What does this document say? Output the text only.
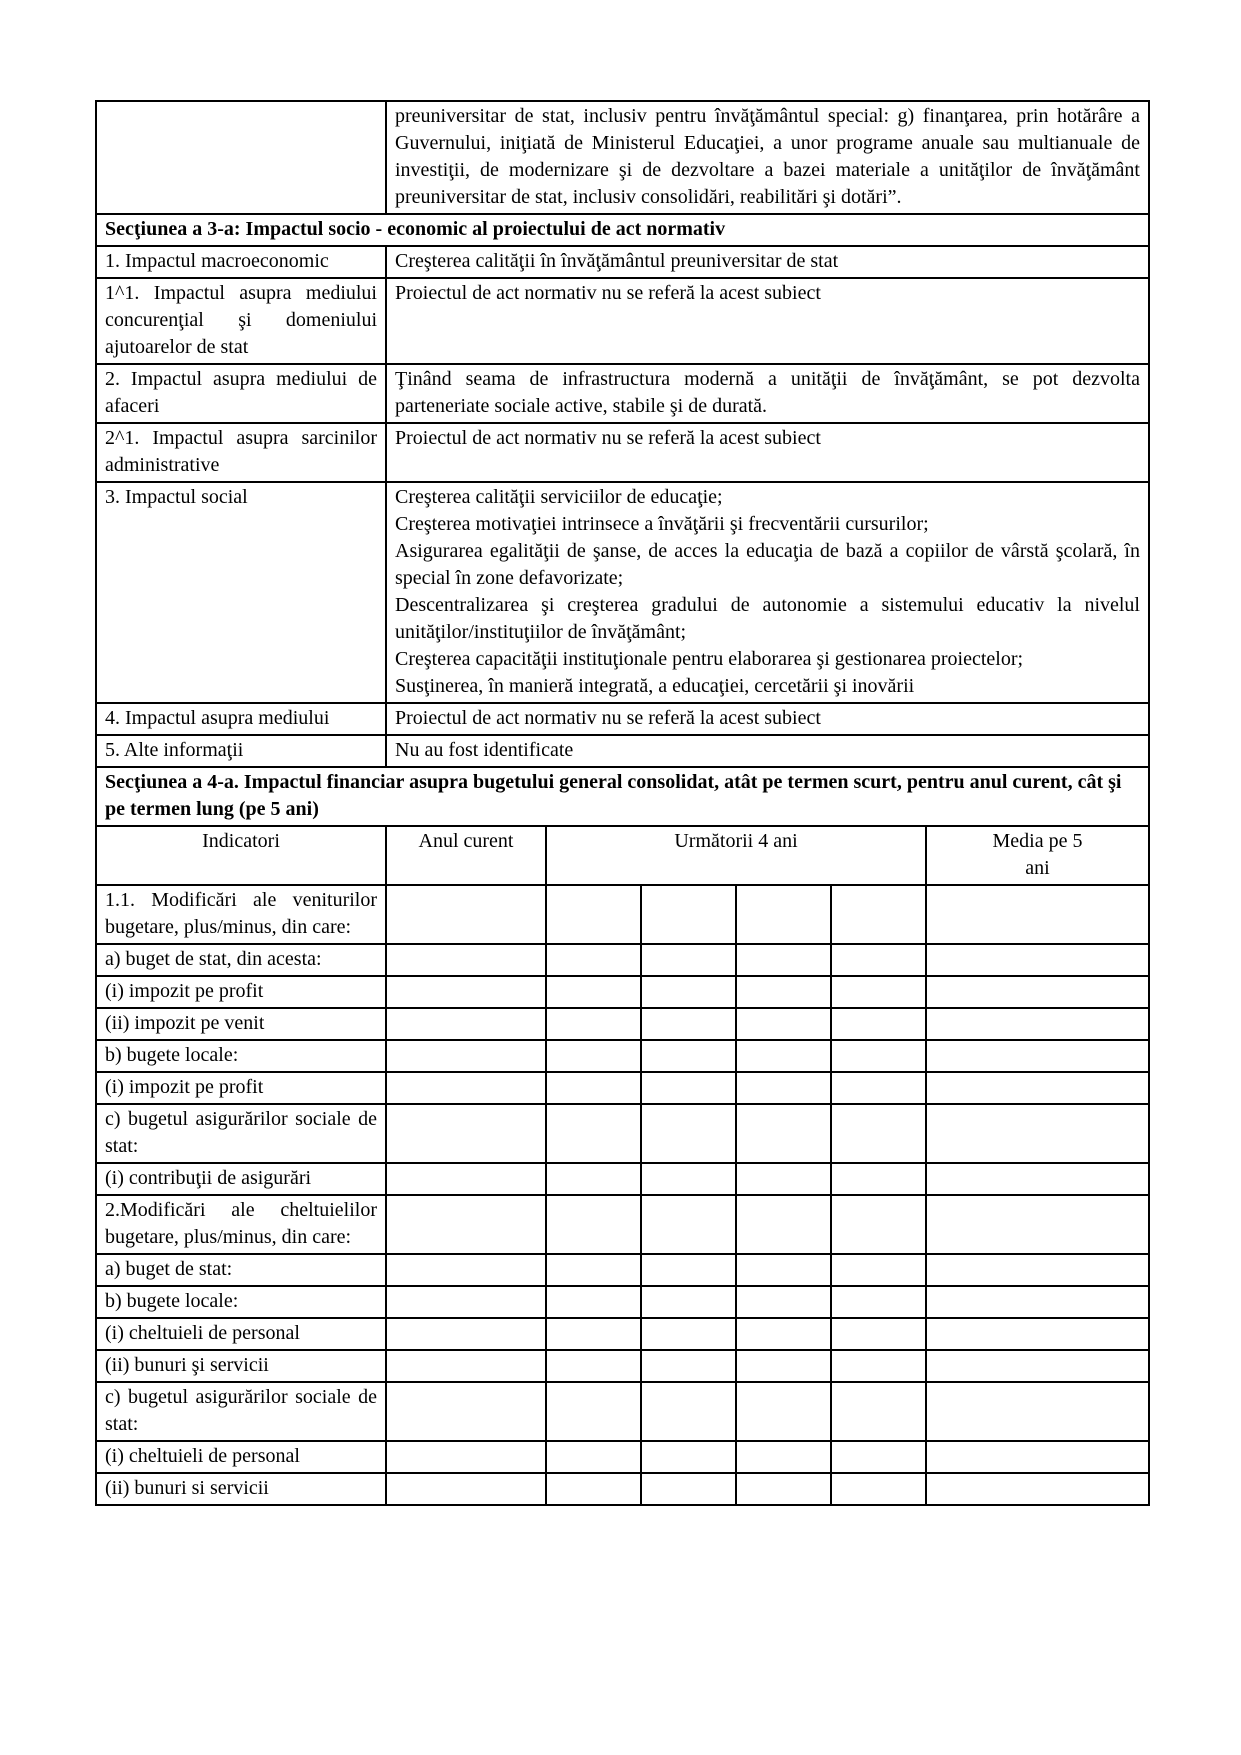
	preuniversitar de stat, inclusiv pentru învăţământul special: g) finanţarea, prin hotărâre a Guvernului, iniţiată de Ministerul Educaţiei, a unor programe anuale sau multianuale de investiţii, de modernizare şi de dezvoltare a bazei materiale a unităţilor de învăţământ preuniversitar de stat, inclusiv consolidări, reabilitări şi dotări”.
Secţiunea a 3-a: Impactul socio - economic al proiectului de act normativ	
1. Impactul macroeconomic	Creşterea calităţii în învăţământul preuniversitar de stat
1^1. Impactul asupra mediului concurenţial şi domeniului ajutoarelor de stat	Proiectul de act normativ nu se referă la acest subiect
2. Impactul asupra mediului de afaceri	Ţinând seama de infrastructura modernă a unităţii de învăţământ, se pot dezvolta parteneriate sociale active, stabile şi de durată.
2^1. Impactul asupra sarcinilor administrative	Proiectul de act normativ nu se referă la acest subiect
3. Impactul social	Creşterea calităţii serviciilor de educaţie;
Creşterea motivaţiei intrinsece a învăţării şi frecventării cursurilor;
Asigurarea egalităţii de şanse, de acces la educaţia de bază a copiilor de vârstă şcolară, în special în zone defavorizate;
Descentralizarea şi creşterea gradului de autonomie a sistemului educativ la nivelul unităţilor/instituţiilor de învăţământ;
Creşterea capacităţii instituţionale pentru elaborarea şi gestionarea proiectelor;
Susţinerea, în manieră integrată, a educaţiei, cercetării şi inovării

4. Impactul asupra mediului	Proiectul de act normativ nu se referă la acest subiect
5. Alte informaţii	Nu au fost identificate
Secţiunea a 4-a. Impactul financiar asupra bugetului general consolidat, atât pe termen scurt, pentru anul curent, cât şi pe termen lung (pe 5 ani)						
Indicatori	Anul curent	Următorii 4 ani				Media pe 5 ani

1.1. Modificări ale veniturilor bugetare, plus/minus, din care:						
a) buget de stat, din acesta:						
(i) impozit pe profit						
(ii) impozit pe venit						
b) bugete locale:						
(i) impozit pe profit						
c) bugetul asigurărilor sociale de stat:						
(i) contribuţii de asigurări						
2.Modificări ale cheltuielilor bugetare, plus/minus, din care:						
a) buget de stat:						
b) bugete locale:						
(i) cheltuieli de personal						
(ii) bunuri şi servicii						
c) bugetul asigurărilor sociale de stat:						
(i) cheltuieli de personal						
(ii) bunuri si servicii						
